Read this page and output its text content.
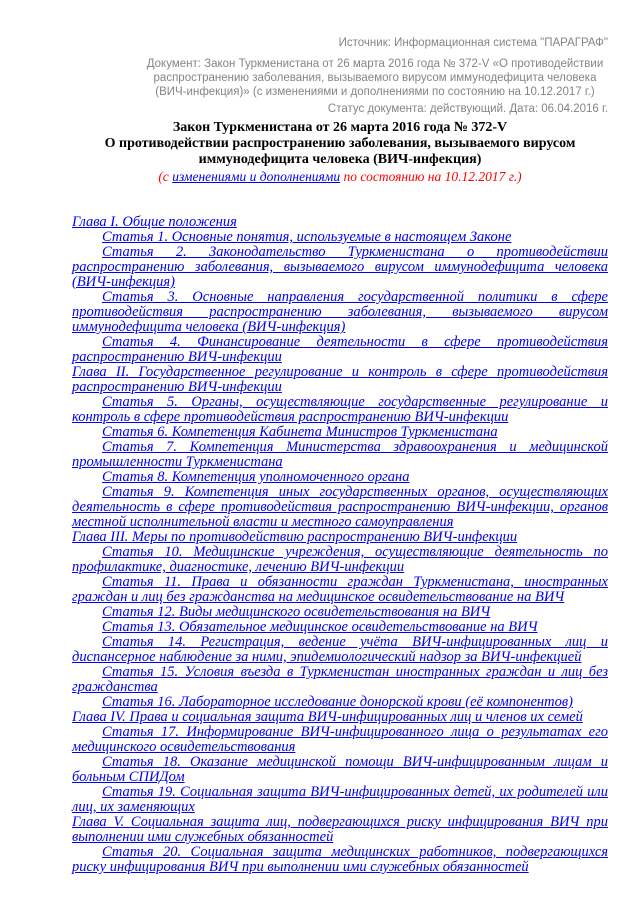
Источник: Информационная система "ПАРАГРАФ"
Документ: Закон Туркменистана от 26 марта 2016 года № 372-V «О противодействии распространению заболевания, вызываемого вирусом иммунодефицита человека (ВИЧ-инфекция)» (с изменениями и дополнениями по состоянию на 10.12.2017 г.)
Статус документа: действующий. Дата: 06.04.2016 г.
Закон Туркменистана от 26 марта 2016 года № 372-V
О противодействии распространению заболевания, вызываемого вирусом иммунодефицита человека (ВИЧ-инфекция)
(с изменениями и дополнениями по состоянию на 10.12.2017 г.)

Глава I. Общие положения

Статья 1. Основные понятия, используемые в настоящем Законе

Статья 2. Законодательство Туркменистана о противодействии распространению заболевания, вызываемого вирусом иммунодефицита человека (ВИЧ-инфекция)

Статья 3. Основные направления государственной политики в сфере противодействия распространению заболевания, вызываемого вирусом иммунодефицита человека (ВИЧ-инфекция)

Статья 4. Финансирование деятельности в сфере противодействия распространению ВИЧ-инфекции

Глава II. Государственное регулирование и контроль в сфере противодействия распространению ВИЧ-инфекции

Статья 5. Органы, осуществляющие государственные регулирование и контроль в сфере противодействия распространению ВИЧ-инфекции

Статья 6. Компетенция Кабинета Министров Туркменистана

Статья 7. Компетенция Министерства здравоохранения и медицинской промышленности Туркменистана

Статья 8. Компетенция уполномоченного органа

Статья 9. Компетенция иных государственных органов, осуществляющих деятельность в сфере противодействия распространению ВИЧ-инфекции, органов местной исполнительной власти и местного самоуправления

Глава III. Меры по противодействию распространению ВИЧ-инфекции

Статья 10. Медицинские учреждения, осуществляющие деятельность по профилактике, диагностике, лечению ВИЧ-инфекции

Статья 11. Права и обязанности граждан Туркменистана, иностранных граждан и лиц без гражданства на медицинское освидетельствование на ВИЧ

Статья 12. Виды медицинского освидетельствования на ВИЧ

Статья 13. Обязательное медицинское освидетельствование на ВИЧ

Статья 14. Регистрация, ведение учёта ВИЧ-инфицированных лиц и диспансерное наблюдение за ними, эпидемиологический надзор за ВИЧ-инфекцией

Статья 15. Условия въезда в Туркменистан иностранных граждан и лиц без гражданства

Статья 16. Лабораторное исследование донорской крови (её компонентов)

Глава IV. Права и социальная защита ВИЧ-инфицированных лиц и членов их семей

Статья 17. Информирование ВИЧ-инфицированного лица о результатах его медицинского освидетельствования

Статья 18. Оказание медицинской помощи ВИЧ-инфицированным лицам и больным СПИДом

Статья 19. Социальная защита ВИЧ-инфицированных детей, их родителей или лиц, их заменяющих

Глава V. Социальная защита лиц, подвергающихся риску инфицирования ВИЧ при выполнении ими служебных обязанностей

Статья 20. Социальная защита медицинских работников, подвергающихся риску инфицирования ВИЧ при выполнении ими служебных обязанностей
